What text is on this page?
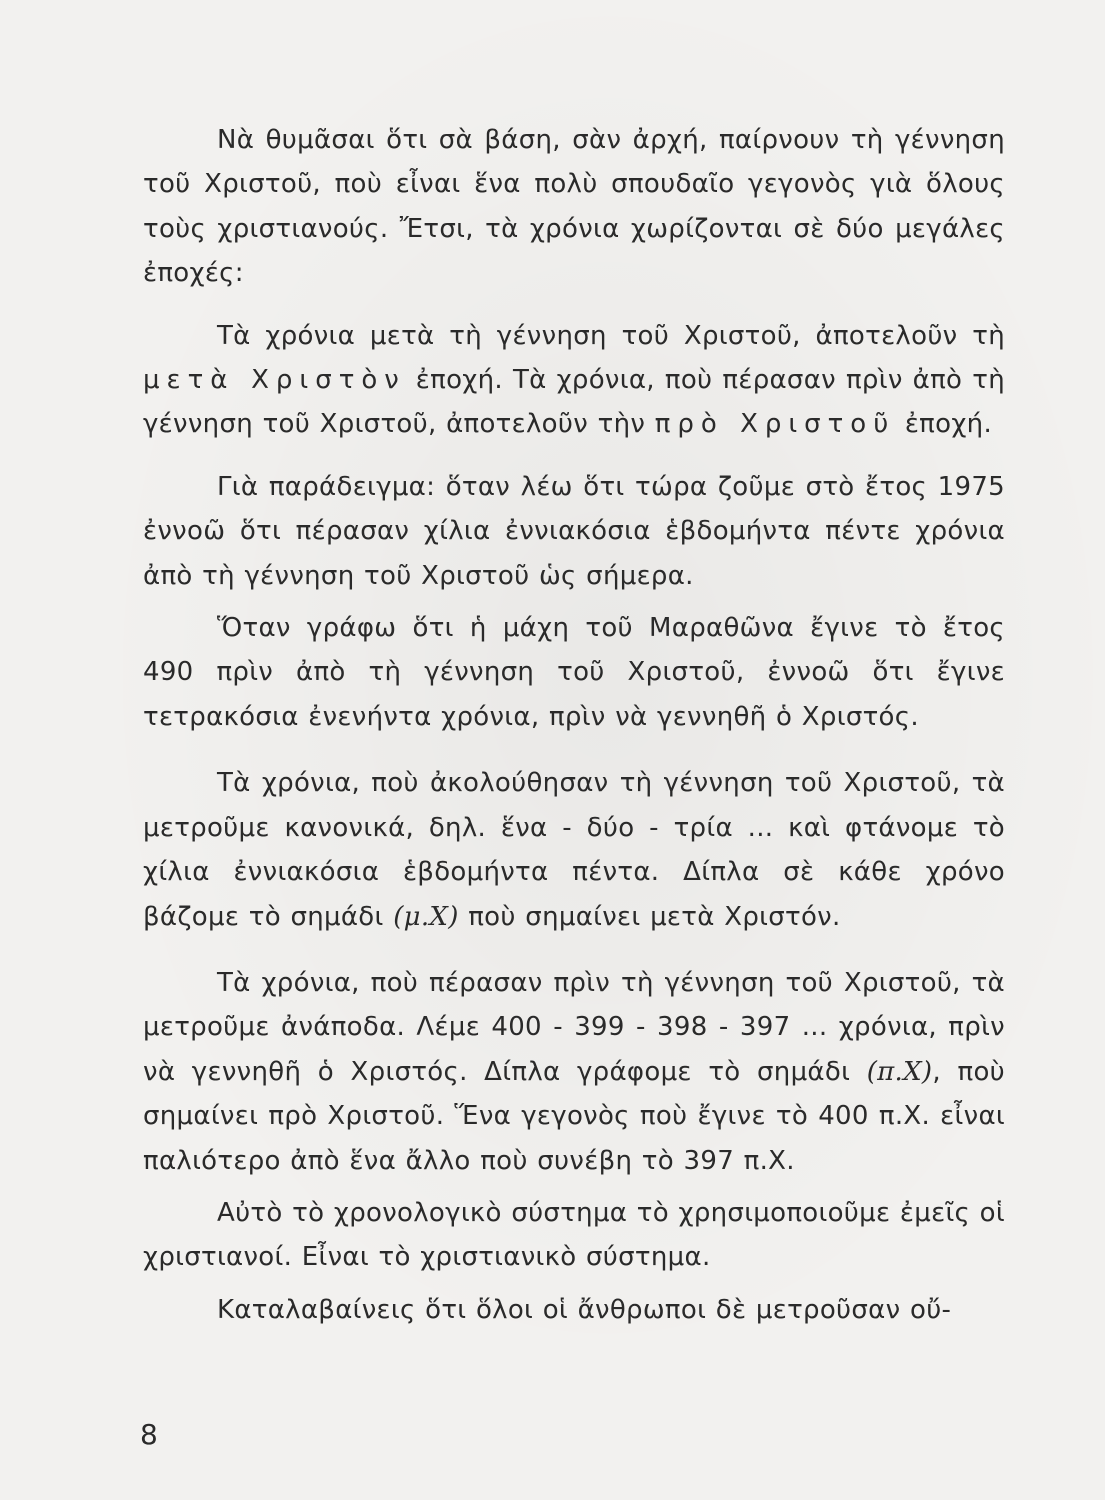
Νὰ θυμᾶσαι ὅτι σὰ βάση, σὰν ἀρχή, παίρνουν τὴ γέννηση τοῦ Χριστοῦ, ποὺ εἶναι ἕνα πολὺ σπουδαῖο γεγονὸς γιὰ ὅλους τοὺς χριστιανούς. Ἔτσι, τὰ χρόνια χωρίζονται σὲ δύο μεγάλες ἐποχές:

Τὰ χρόνια μετὰ τὴ γέννηση τοῦ Χριστοῦ, ἀποτελοῦν τὴ μετὰ Χριστὸν ἐποχή. Τὰ χρόνια, ποὺ πέρασαν πρὶν ἀπὸ τὴ γέννηση τοῦ Χριστοῦ, ἀποτελοῦν τὴν πρὸ Χριστοῦ ἐποχή.

Γιὰ παράδειγμα: ὅταν λέω ὅτι τώρα ζοῦμε στὸ ἔτος 1975 ἐννοῶ ὅτι πέρασαν χίλια ἐννιακόσια ἑβδομήντα πέντε χρόνια ἀπὸ τὴ γέννηση τοῦ Χριστοῦ ὡς σήμερα.

Ὅταν γράφω ὅτι ἡ μάχη τοῦ Μαραθῶνα ἔγινε τὸ ἔτος 490 πρὶν ἀπὸ τὴ γέννηση τοῦ Χριστοῦ, ἐννοῶ ὅτι ἔγινε τετρακόσια ἐνενήντα χρόνια, πρὶν νὰ γεννηθῆ ὁ Χριστός.

Τὰ χρόνια, ποὺ ἀκολούθησαν τὴ γέννηση τοῦ Χριστοῦ, τὰ μετροῦμε κανονικά, δηλ. ἕνα - δύο - τρία ... καὶ φτάνομε τὸ χίλια ἐννιακόσια ἑβδομήντα πέντα. Δίπλα σὲ κάθε χρόνο βάζομε τὸ σημάδι (μ.Χ) ποὺ σημαίνει μετὰ Χριστόν.

Τὰ χρόνια, ποὺ πέρασαν πρὶν τὴ γέννηση τοῦ Χριστοῦ, τὰ μετροῦμε ἀνάποδα. Λέμε 400 - 399 - 398 - 397 ... χρόνια, πρὶν νὰ γεννηθῆ ὁ Χριστός. Δίπλα γράφομε τὸ σημάδι (π.Χ), ποὺ σημαίνει πρὸ Χριστοῦ. Ἕνα γεγονὸς ποὺ ἔγινε τὸ 400 π.Χ. εἶναι παλιότερο ἀπὸ ἕνα ἄλλο ποὺ συνέβη τὸ 397 π.Χ.

Αὐτὸ τὸ χρονολογικὸ σύστημα τὸ χρησιμοποιοῦμε ἐμεῖς οἱ χριστιανοί. Εἶναι τὸ χριστιανικὸ σύστημα.

Καταλαβαίνεις ὅτι ὅλοι οἱ ἄνθρωποι δὲ μετροῦσαν οὔ-

8
